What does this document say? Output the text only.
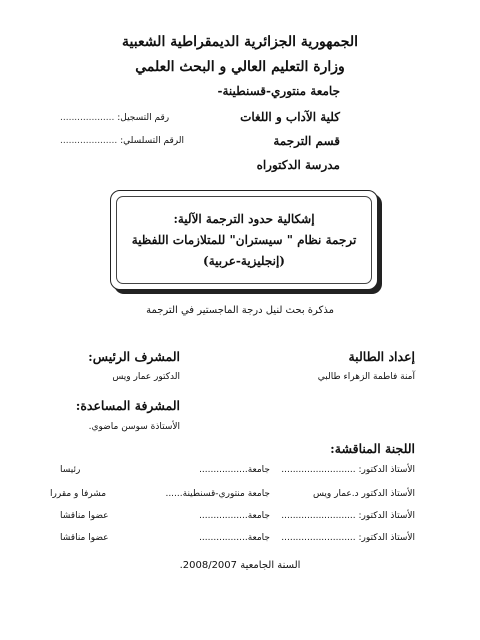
الجمهورية الجزائرية الديمقراطية الشعبية
وزارة التعليم العالي و البحث العلمي
جامعة منتوري-قسنطينة-
كلية الآداب و اللغات
قسم الترجمة
مدرسة الدكتوراه
رقم التسجيل: ...................
الرقم التسلسلي: ....................
إشكالية حدود الترجمة الآلية:
ترجمة نظام " سيستران" للمتلازمات اللفظية
(إنجليزية-عربية)
مذكرة بحث لنيل درجة الماجستير في الترجمة
إعداد الطالبة
آمنة فاطمة الزهراء طالبي
المشرف الرئيس:
الدكتور عمار ويس
المشرفة المساعدة:
الأستاذة سوسن ماضوي.
اللجنة المناقشة:
الأستاذ الدكتور: ..........................
جامعة.................
رئيسا
الأستاذ الدكتور د.عمار ويس
جامعة منتوري-قسنطينة......
مشرفا و مقررا
الأستاذ الدكتور: ..........................
جامعة.................
عضوا مناقشا
الأستاذ الدكتور: ..........................
جامعة.................
عضوا مناقشا
السنة الجامعية 2008/2007.
